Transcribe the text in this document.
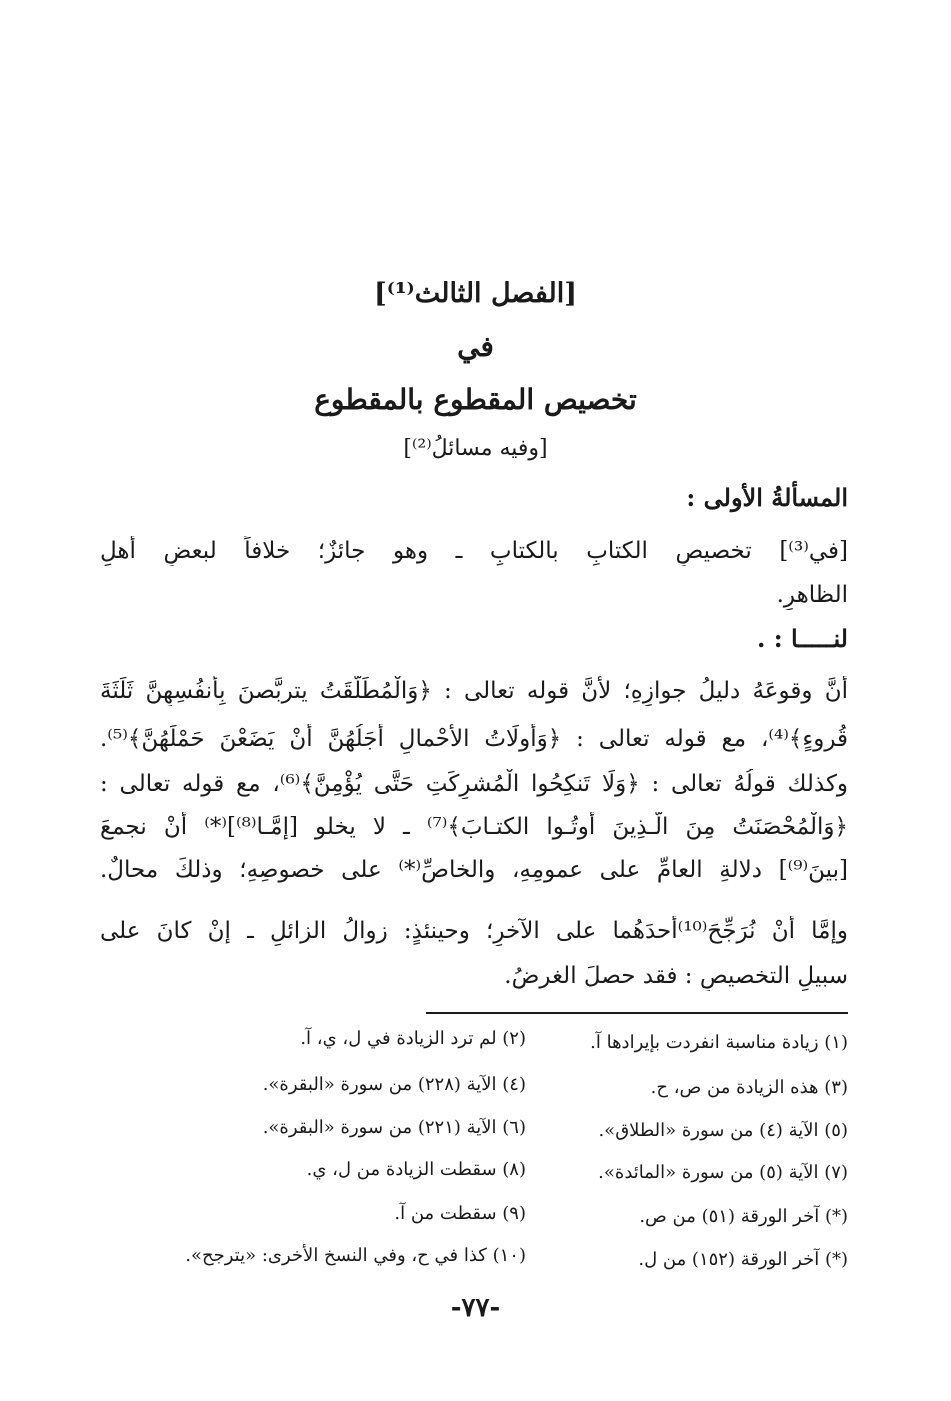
[الفصل الثالث⁽¹⁾]
في
تخصيص المقطوع بالمقطوع
[وفيه مسائلُ⁽²⁾]
المسألةُ الأولى :
[في⁽³⁾] تخصيصِ الكتابِ بالكتابِ ـ وهو جائزٌ؛ خلافاً لبعضِ أهلِ
الظاهرِ.
لنـــــا : .
أنَّ وقوعَهُ دليلُ جوازِهِ؛ لأنَّ قوله تعالى : ﴿وَالْمُطَلَّقَتُ يتربَّصنَ بِأنفُسِهِنَّ ثَلَثَةَ
قُروءٍ﴾⁽⁴⁾، مع قوله تعالى : ﴿وَأُولَاتُ الأَحْمالِ أَجَلُهُنَّ أنْ يَضَعْنَ حَمْلَهُنَّ﴾⁽⁵⁾.
وكذلك قولُهُ تعالى : ﴿وَلَا تَنكِحُوا الْمُشرِكَتِ حَتَّى يُؤْمِنَّ﴾⁽⁶⁾، مع قوله تعالى :
﴿وَالْمُحْصَنَتُ مِنَ الَّـذِينَ أُوتُـوا الكتـابَ﴾⁽⁷⁾ ـ لا يخلو [إمَّـا⁽⁸⁾]⁽*⁾ أنْ نجمعَ
[بينَ⁽⁹⁾] دلالةِ العامِّ على عمومِهِ، والخاصِّ⁽*⁾ على خصوصِهِ؛ وذلكَ محالٌ.
وإمَّا أنْ نُرَجِّحَ⁽¹⁰⁾أحدَهُما على الآخرِ؛ وحينئذٍ: زوالُ الزائلِ ـ إنْ كانَ على
سبيلِ التخصيصِ : فقد حصلَ الغرضُ.
(١) زيادة مناسبة انفردت بإيرادها آ.
(٢) لم ترد الزيادة في ل، ي، آ.
(٣) هذه الزيادة من ص، ح.
(٤) الآية (٢٢٨) من سورة «البقرة».
(٥) الآية (٤) من سورة «الطلاق».
(٦) الآية (٢٢١) من سورة «البقرة».
(٧) الآية (٥) من سورة «المائدة».
(٨) سقطت الزيادة من ل، ي.
(*) آخر الورقة (٥١) من ص.
(٩) سقطت من آ.
(*) آخر الورقة (١٥٢) من ل.
(١٠) كذا في ح، وفي النسخ الأخرى: «يترجح».
-٧٧-
